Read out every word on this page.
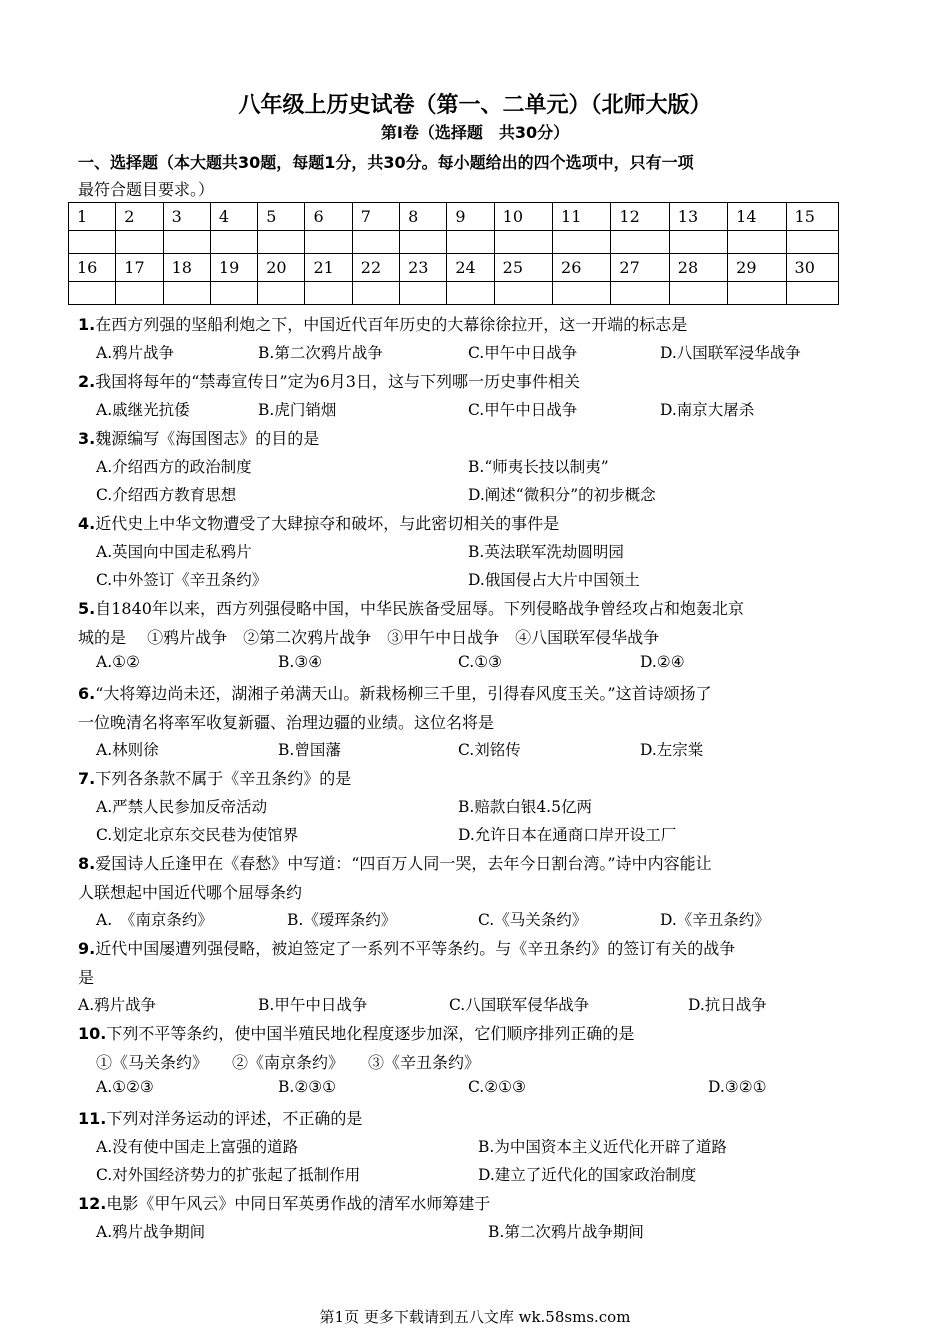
八年级上历史试卷（第一、二单元）（北师大版）
第Ⅰ卷（选择题　共30分）
一、选择题（本大题共30题，每题1分，共30分。每小题给出的四个选项中，只有一项
最符合题目要求。）
1	2	3	4	5	6	7	8	9	10	11	12	13	14	15

16	17	18	19	20	21	22	23	24	25	26	27	28	29	30

1.在西方列强的坚船利炮之下，中国近代百年历史的大幕徐徐拉开，这一开端的标志是
A.鸦片战争	B.第二次鸦片战争	C.甲午中日战争	D.八国联军浸华战争
2.我国将每年的“禁毒宣传日”定为6月3日，这与下列哪一历史事件相关
A.戚继光抗倭	B.虎门销烟	C.甲午中日战争	D.南京大屠杀
3.魏源编写《海国图志》的目的是
A.介绍西方的政治制度	B.“师夷长技以制夷”
C.介绍西方教育思想	D.阐述“微积分”的初步概念
4.近代史上中华文物遭受了大肆掠夺和破坏，与此密切相关的事件是
A.英国向中国走私鸦片	B.英法联军洗劫圆明园
C.中外签订《辛丑条约》	D.俄国侵占大片中国领土
5.自1840年以来，西方列强侵略中国，中华民族备受屈辱。下列侵略战争曾经攻占和炮轰北京
城的是　 ①鸦片战争　②第二次鸦片战争　③甲午中日战争　④八国联军侵华战争
A.①②	B.③④	C.①③	D.②④
6.“大将筹边尚未还，湖湘子弟满天山。新栽杨柳三千里，引得春风度玉关。”这首诗颂扬了
一位晚清名将率军收复新疆、治理边疆的业绩。这位名将是
A.林则徐	B.曾国藩	C.刘铭传	D.左宗棠
7.下列各条款不属于《辛丑条约》的是
A.严禁人民参加反帝活动	B.赔款白银4.5亿两
C.划定北京东交民巷为使馆界	D.允许日本在通商口岸开设工厂
8.爱国诗人丘逢甲在《春愁》中写道：“四百万人同一哭，去年今日割台湾。”诗中内容能让
人联想起中国近代哪个屈辱条约
A.　《南京条约》	B.《瑷珲条约》	C.《马关条约》	D.《辛丑条约》
9.近代中国屡遭列强侵略，被迫签定了一系列不平等条约。与《辛丑条约》的签订有关的战争
是
A.鸦片战争	B.甲午中日战争	C.八国联军侵华战争	D.抗日战争
10.下列不平等条约，使中国半殖民地化程度逐步加深，它们顺序排列正确的是
①《马关条约》　　②《南京条约》　　③《辛丑条约》
A.①②③	B.②③①	C.②①③	D.③②①
11.下列对洋务运动的评述，不正确的是
A.没有使中国走上富强的道路	B.为中国资本主义近代化开辟了道路
C.对外国经济势力的扩张起了抵制作用	D.建立了近代化的国家政治制度
12.电影《甲午风云》中同日军英勇作战的清军水师筹建于
A.鸦片战争期间	B.第二次鸦片战争期间
第1页 更多下载请到五八文库 wk.58sms.com
